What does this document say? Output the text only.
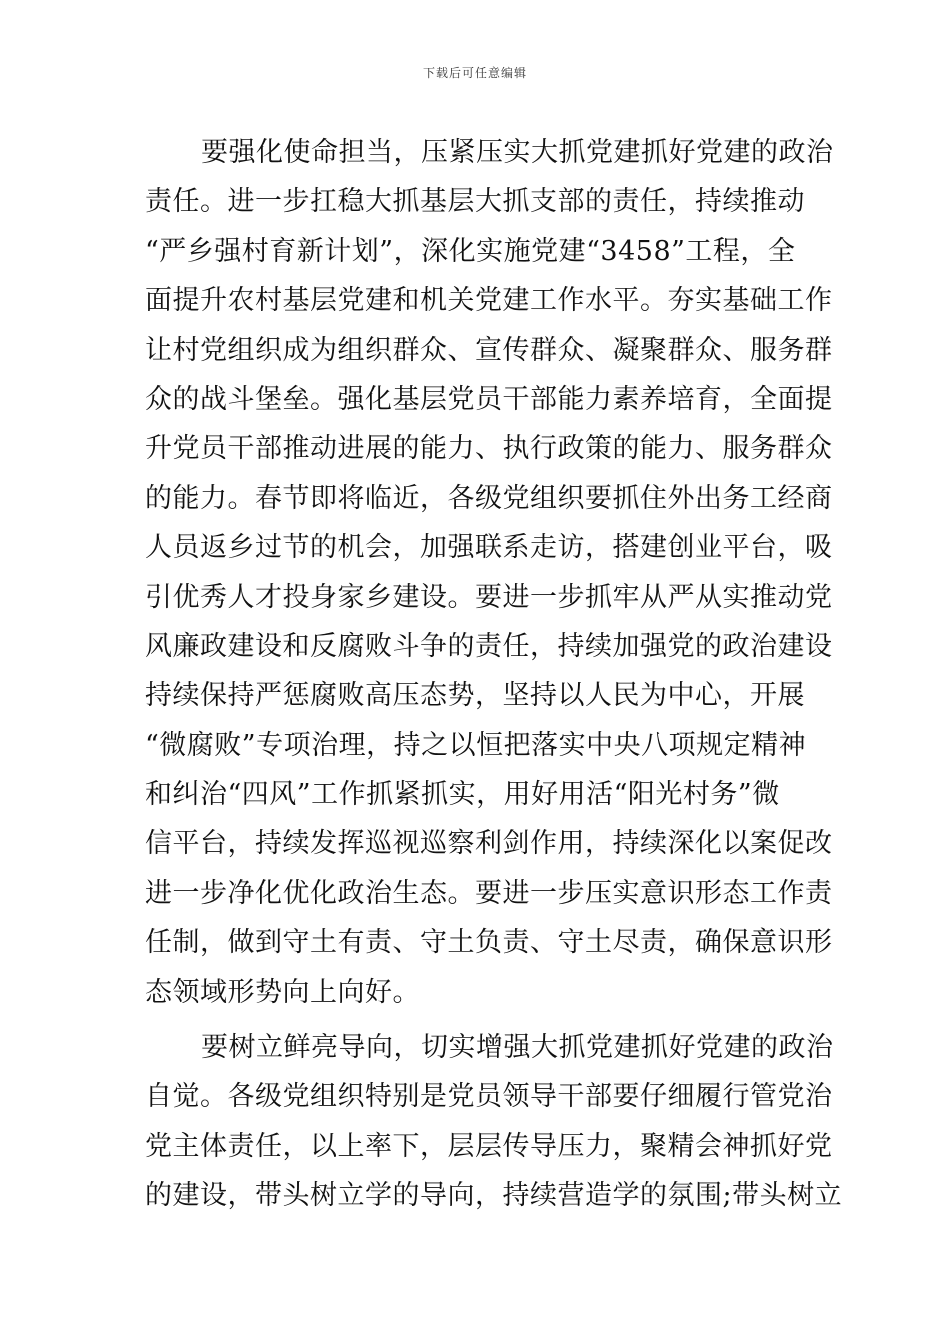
下载后可任意编辑
要强化使命担当，压紧压实大抓党建抓好党建的政治
责任。进一步扛稳大抓基层大抓支部的责任，持续推动
“严乡强村育新计划”，深化实施党建“3458”工程，全
面提升农村基层党建和机关党建工作水平。夯实基础工作
让村党组织成为组织群众、宣传群众、凝聚群众、服务群
众的战斗堡垒。强化基层党员干部能力素养培育，全面提
升党员干部推动进展的能力、执行政策的能力、服务群众
的能力。春节即将临近，各级党组织要抓住外出务工经商
人员返乡过节的机会，加强联系走访，搭建创业平台，吸
引优秀人才投身家乡建设。要进一步抓牢从严从实推动党
风廉政建设和反腐败斗争的责任，持续加强党的政治建设
持续保持严惩腐败高压态势，坚持以人民为中心，开展
“微腐败”专项治理，持之以恒把落实中央八项规定精神
和纠治“四风”工作抓紧抓实，用好用活“阳光村务”微
信平台，持续发挥巡视巡察利剑作用，持续深化以案促改
进一步净化优化政治生态。要进一步压实意识形态工作责
任制，做到守土有责、守土负责、守土尽责，确保意识形
态领域形势向上向好。
要树立鲜亮导向，切实增强大抓党建抓好党建的政治
自觉。各级党组织特别是党员领导干部要仔细履行管党治
党主体责任，以上率下，层层传导压力，聚精会神抓好党
的建设，带头树立学的导向，持续营造学的氛围;带头树立
